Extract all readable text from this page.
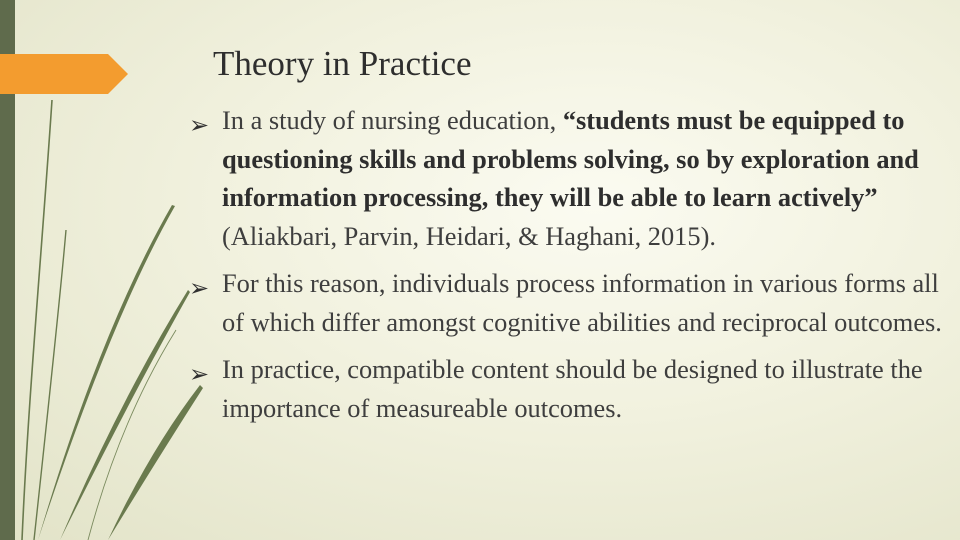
Theory in Practice
➢ In a study of nursing education, “students must be equipped to questioning skills and problems solving, so by exploration and information processing, they will be able to learn actively” (Aliakbari, Parvin, Heidari, & Haghani, 2015).
➢ For this reason, individuals process information in various forms all of which differ amongst cognitive abilities and reciprocal outcomes.
➢ In practice, compatible content should be designed to illustrate the importance of measureable outcomes.
